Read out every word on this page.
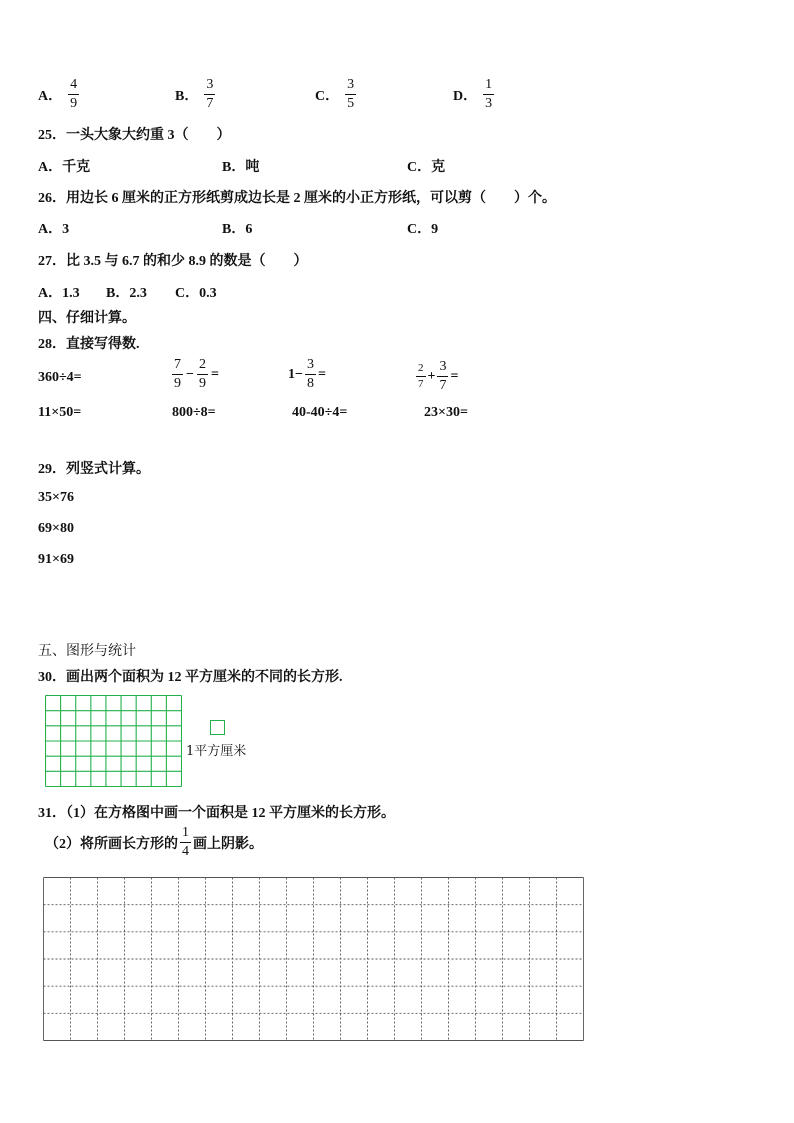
A． $\frac{4}{9}$	B． $\frac{3}{7}$	C． $\frac{3}{5}$	D． $\frac{1}{3}$
25．一头大象大约重 3（　　）
A．千克	B．吨	C．克
26．用边长 6 厘米的正方形纸剪成边长是 2 厘米的小正方形纸，可以剪（　　）个。
A．3	B．6	C．9
27．比 3.5 与 6.7 的和少 8.9 的数是（　　）
A．1.3 B．2.3 C．0.3
四、仔细计算。
28．直接写得数.
360÷4=	$\frac{7}{9} - \frac{2}{9}$ =	$1- \frac{3}{8}$ =	$\frac{2}{7} + \frac{3}{7}$ =
11×50=	800÷8=	40-40÷4=	23×30=
29．列竖式计算。
35×76
69×80
91×69
五、图形与统计
30．画出两个面积为 12 平方厘米的不同的长方形.
1平方厘米
31．（1）在方格图中画一个面积是 12 平方厘米的长方形。
（2）将所画长方形的 $\frac{1}{4}$ 画上阴影。
